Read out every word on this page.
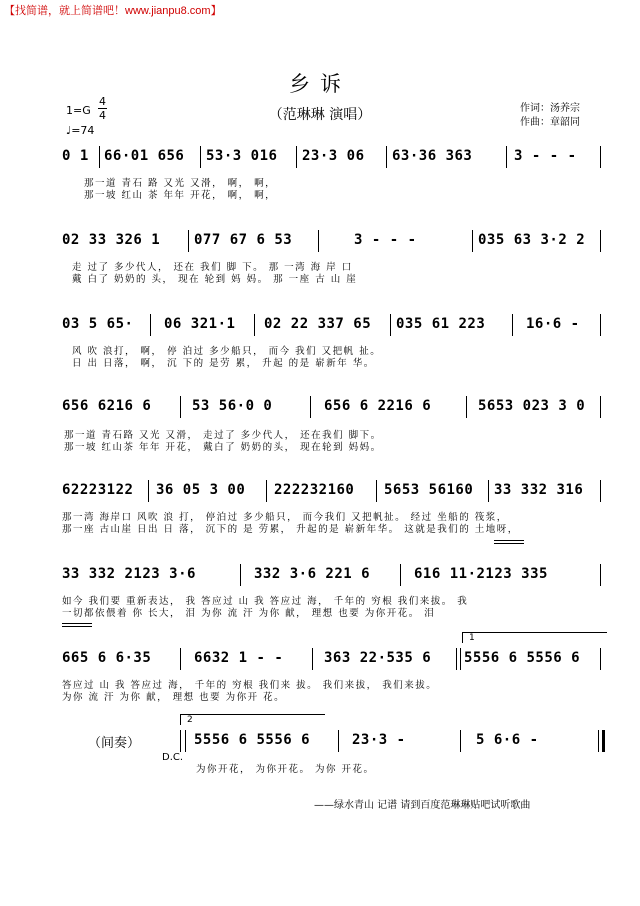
【找简谱，就上简谱吧！www.jianpu8.com】
乡诉
（范琳琳 演唱）
1=G
4
4
♩=74
作词：汤养宗
作曲：章韶同
0 1 66·01 656 53·3 016 23·3 06 63·36 363	3 - - -
那一道 青石 路 又光 又滑， 啊， 啊，
那一坡 红山 茶 年年 开花， 啊， 啊，
02 33 326 1 077 67 6 53	3 - - -	035 63 3·2 2
走 过了 多少代人， 还在 我们 脚 下。 那 一湾 海 岸 口
戴 白了 奶奶的 头， 现在 轮到 妈 妈。 那 一座 古 山 崖
03 5 65· 06 321·1 02 22 337 65 035 61 223	16·6 -
风 吹 浪打， 啊， 停 泊过 多少船只， 而今 我们 又把帆 扯。
日 出 日落， 啊， 沉 下的 是劳 累， 升起 的是 崭新年 华。
656 6216 6	53 56·0 0	656 6 2216 6	5653 023 3 0
那一道 青石路 又光 又滑， 走过了 多少代人， 还在我们 脚下。
那一坡 红山茶 年年 开花， 戴白了 奶奶的头， 现在轮到 妈妈。
62223122 36 05 3 00 222232160 5653 56160 33 332 316
那一湾 海岸口 风吹 浪 打， 停泊过 多少船只， 而今我们 又把帆扯。 经过 坐船的 筏浆，
那一座 古山崖 日出 日 落， 沉下的 是 劳累， 升起的是 崭新年华。 这就是我们的 土地呀，
33 332 2123 3·6	332 3·6 221 6	616 11·2123 335
如今 我们要 重新表达， 我 答应过 山 我 答应过 海， 千年的 穷根 我们来拔。 我
一切都依偎着 你 长大， 泪 为你 流 汗 为你 献， 理想 也要 为你开花。 泪
1
665 6 6·35	6632 1 - -	363 22·535 6 5556 6 5556 6
答应过 山 我 答应过 海， 千年的 穷根 我们来 拔。 我们来拔， 我们来拔。
为你 流 汗 为你 献， 理想 也要 为你开 花。
（间奏）
D.C.
2
5556 6 5556 6	23·3 -	5 6·6 -
为你开花， 为你开花。 为你 开花。
——绿水青山 记谱 请到百度范琳琳贴吧试听歌曲
